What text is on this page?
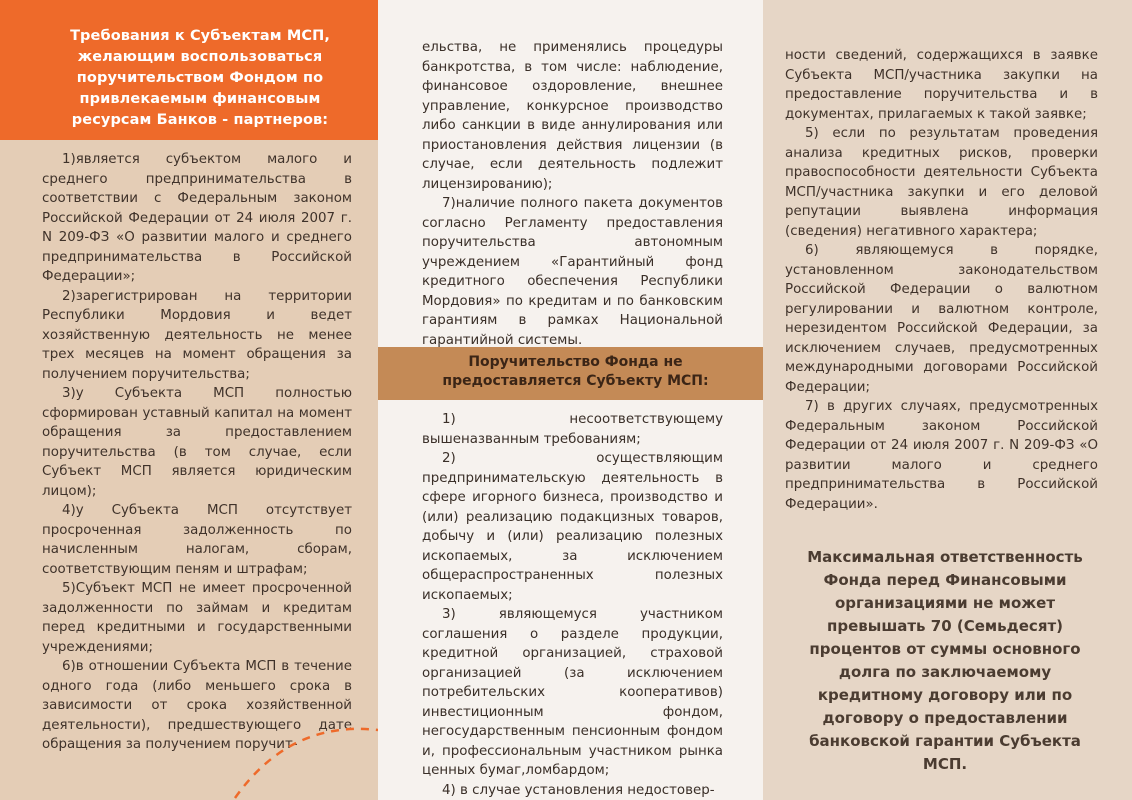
Требования к Субъектам МСП, желающим воспользоваться поручительством Фондом по привлекаемым финансовым ресурсам Банков - партнеров:

1)является субъектом малого и среднего предпринимательства в соответствии с Федеральным законом Российской Федерации от 24 июля 2007 г. N 209-ФЗ «О развитии малого и среднего предпринимательства в Российской Федерации»;

2)зарегистрирован на территории Республики Мордовия и ведет хозяйственную деятельность не менее трех месяцев на момент обращения за получением поручительства;

3)у Субъекта МСП полностью сформирован уставный капитал на момент обращения за предоставлением поручительства (в том случае, если Субъект МСП является юридическим лицом);

4)у Субъекта МСП отсутствует просроченная задолженность по начисленным налогам, сборам, соответствующим пеням и штрафам;

5)Субъект МСП не имеет просроченной задолженности по займам и кредитам перед кредитными и государственными учреждениями;

6)в отношении Субъекта МСП в течение одного года (либо меньшего срока в зависимости от срока хозяйственной деятельности), предшествующего дате обращения за получением поручит-

ельства, не применялись процедуры банкротства, в том числе: наблюдение, финансовое оздоровление, внешнее управление, конкурсное производство либо санкции в виде аннулирования или приостановления действия лицензии (в случае, если деятельность подлежит лицензированию);

7)наличие полного пакета документов согласно Регламенту предоставления поручительства автономным учреждением «Гарантийный фонд кредитного обеспечения Республики Мордовия» по кредитам и по банковским гарантиям в рамках Национальной гарантийной системы.

Поручительство Фонда не предоставляется Субъекту МСП:

1) несоответствующему вышеназванным требованиям;

2) осуществляющим предпринимательскую деятельность в сфере игорного бизнеса, производство и (или) реализацию подакцизных товаров, добычу и (или) реализацию полезных ископаемых, за исключением общераспространенных полезных ископаемых;

3) являющемуся участником соглашения о разделе продукции, кредитной организацией, страховой организацией (за исключением потребительских кооперативов) инвестиционным фондом, негосударственным пенсионным фондом и, профессиональным участником рынка ценных бумаг,ломбардом;

4) в случае установления недостовер-

ности сведений, содержащихся в заявке Субъекта МСП/участника закупки на предоставление поручительства и в документах, прилагаемых к такой заявке;

5) если по результатам проведения анализа кредитных рисков, проверки правоспособности деятельности Субъекта МСП/участника закупки и его деловой репутации выявлена информация (сведения) негативного характера;

6) являющемуся в порядке, установленном законодательством Российской Федерации о валютном регулировании и валютном контроле, нерезидентом Российской Федерации, за исключением случаев, предусмотренных международными договорами Российской Федерации;

7) в других случаях, предусмотренных Федеральным законом Российской Федерации от 24 июля 2007 г. N 209-ФЗ «О развитии малого и среднего предпринимательства в Российской Федерации».

Максимальная ответственность Фонда перед Финансовыми организациями не может превышать 70 (Семьдесят) процентов от суммы основного долга по заключаемому кредитному договору или по договору о предоставлении банковской гарантии Субъекта МСП.
